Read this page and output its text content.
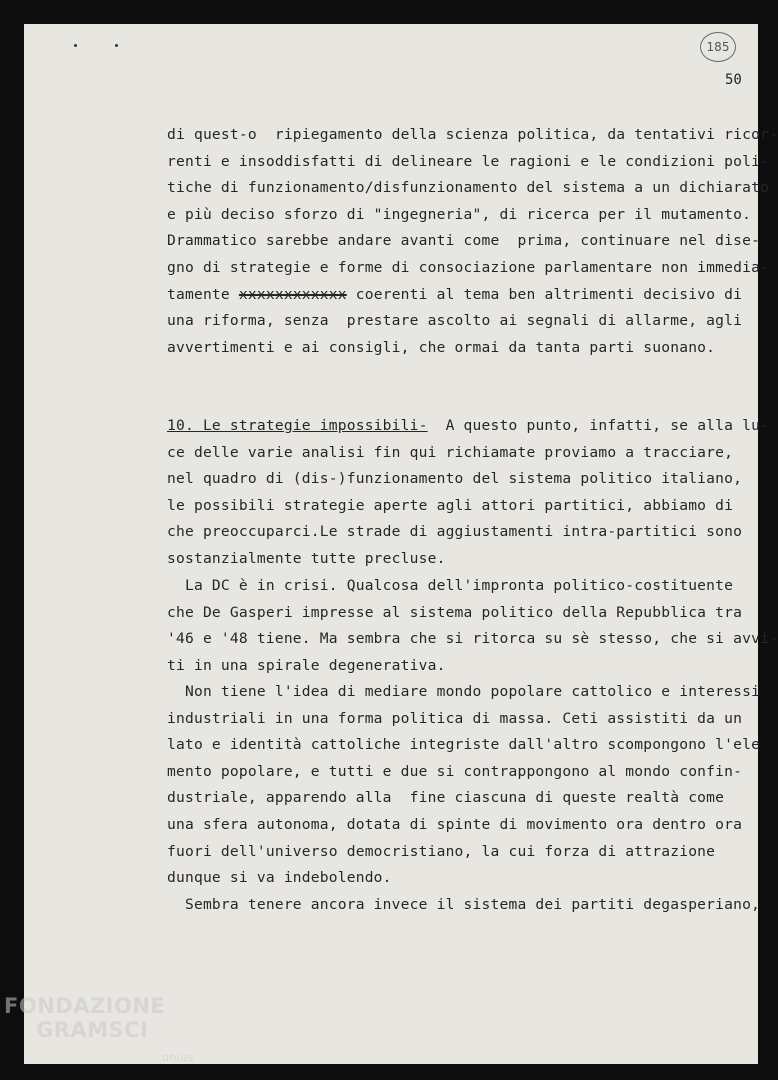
185
50
di quest-o  ripiegamento della scienza politica, da tentativi ricor-
renti e insoddisfatti di delineare le ragioni e le condizioni poli-
tiche di funzionamento/disfunzionamento del sistema a un dichiarato
e più deciso sforzo di "ingegneria", di ricerca per il mutamento.
Drammatico sarebbe andare avanti come  prima, continuare nel dise-
gno di strategie e forme di consociazione parlamentare non immedia-
tamente xxxxxxxxxxxx coerenti al tema ben altrimenti decisivo di
una riforma, senza  prestare ascolto ai segnali di allarme, agli
avvertimenti e ai consigli, che ormai da tanta parti suonano.
10. Le strategie impossibili-  A questo punto, infatti, se alla lu-
ce delle varie analisi fin qui richiamate proviamo a tracciare,
nel quadro di (dis-)funzionamento del sistema politico italiano,
le possibili strategie aperte agli attori partitici, abbiamo di
che preoccuparci.Le strade di aggiustamenti intra-partitici sono
sostanzialmente tutte precluse.
La DC è in crisi. Qualcosa dell'impronta politico-costituente
che De Gasperi impresse al sistema politico della Repubblica tra
'46 e '48 tiene. Ma sembra che si ritorca su sè stesso, che si avvi-
ti in una spirale degenerativa.
Non tiene l'idea di mediare mondo popolare cattolico e interessi
industriali in una forma politica di massa. Ceti assistiti da un
lato e identità cattoliche integriste dall'altro scompongono l'ele
mento popolare, e tutti e due si contrappongono al mondo confin-
dustriale, apparendo alla  fine ciascuna di queste realtà come
una sfera autonoma, dotata di spinte di movimento ora dentro ora
fuori dell'universo democristiano, la cui forza di attrazione
dunque si va indebolendo.
Sembra tenere ancora invece il sistema dei partiti degasperiano,
FONDAZIONE
GRAMSCI
onlus
